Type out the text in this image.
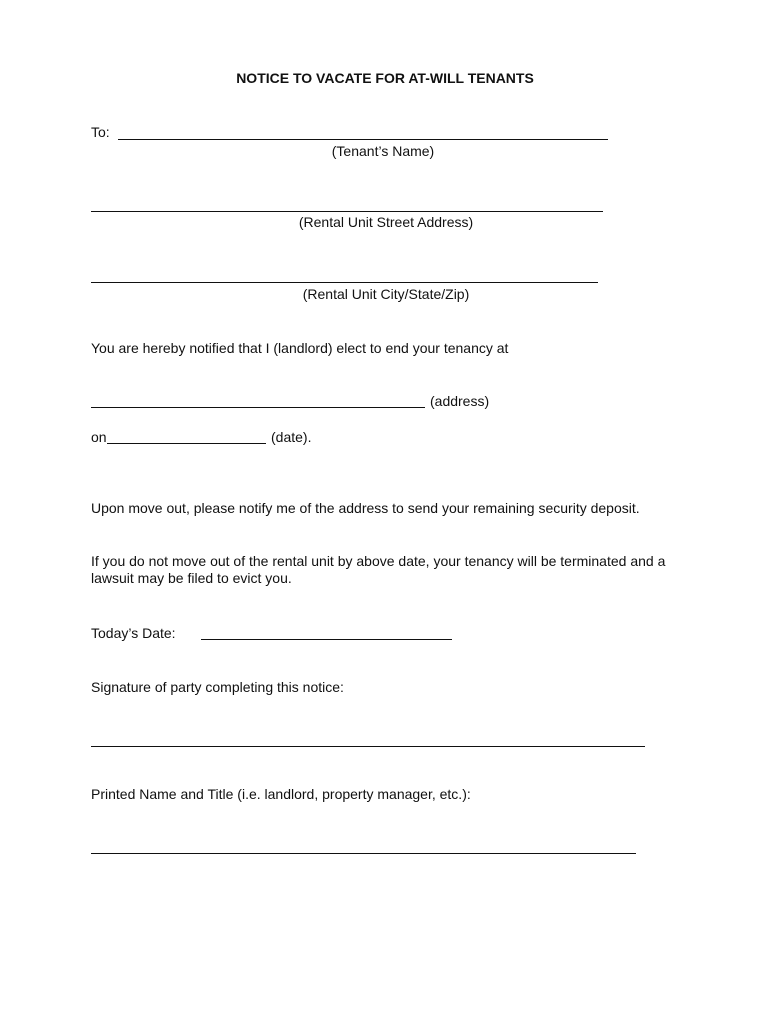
NOTICE TO VACATE FOR AT-WILL TENANTS
To:
(Tenant’s Name)
(Rental Unit Street Address)
(Rental Unit City/State/Zip)
You are hereby notified that I (landlord) elect to end your tenancy at
(address)
on	(date).
Upon move out, please notify me of the address to send your remaining security deposit.
If you do not move out of the rental unit by above date, your tenancy will be terminated and a lawsuit may be filed to evict you.
Today’s Date:
Signature of party completing this notice:
Printed Name and Title (i.e. landlord, property manager, etc.):
